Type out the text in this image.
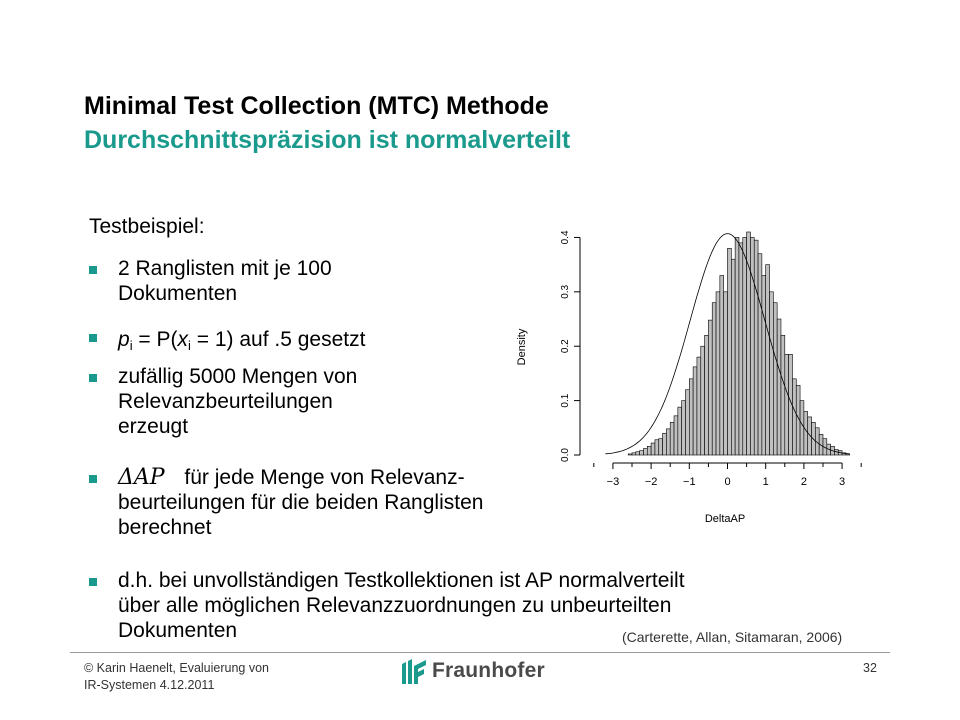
Minimal Test Collection (MTC) Methode
Durchschnittspräzision ist normalverteilt
Testbeispiel:
2 Ranglisten mit je 100
Dokumenten
$p_i = P(x_i = 1)$ auf .5 gesetzt
zufällig 5000 Mengen von
Relevanzbeurteilungen
erzeugt
ΔAP für jede Menge von Relevanz-
beurteilungen für die beiden Ranglisten
berechnet
d.h. bei unvollständigen Testkollektionen ist AP normalverteilt
über alle möglichen Relevanzzuordnungen zu unbeurteilten
Dokumenten
−3 −2 −1	0	1	2	3
0.0
0.1
0.2
0.3
0.4
DeltaAP
Density
(Carterette, Allan, Sitamaran, 2006)
© Karin Haenelt, Evaluierung von
IR-Systemen 4.12.2011
Fraunhofer	32
